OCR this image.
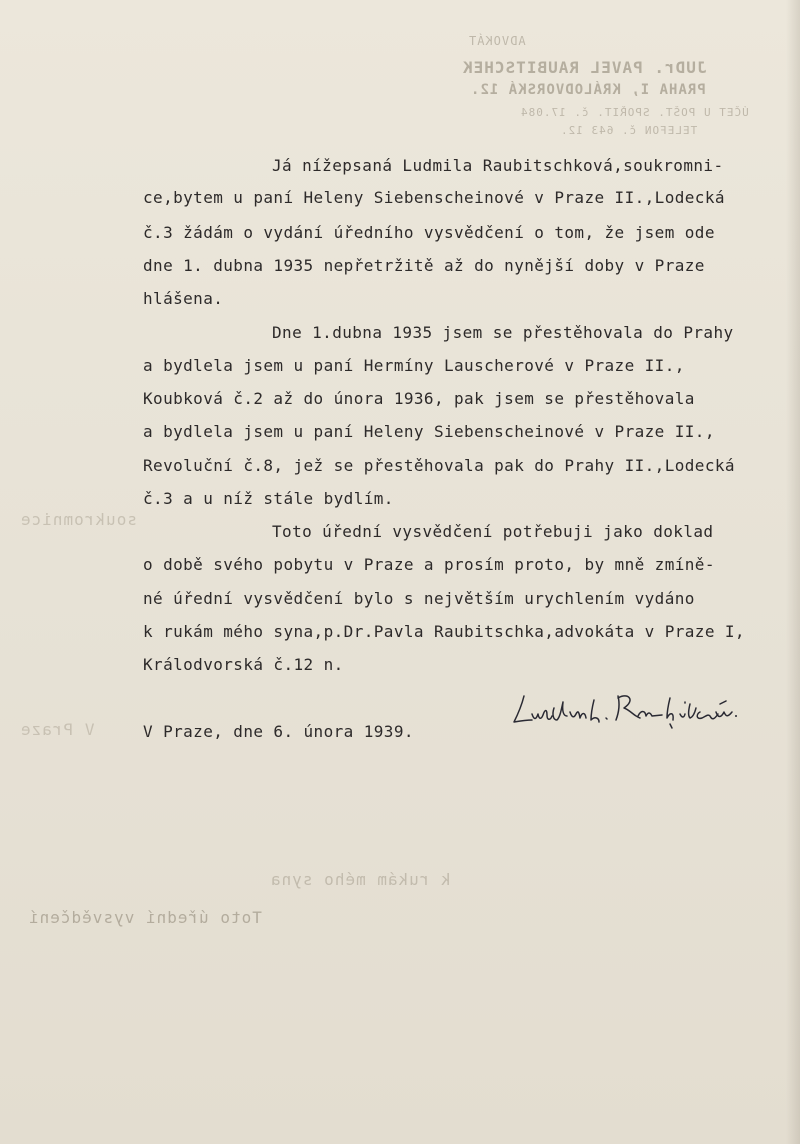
ADVOKÁT
JUDr. PAVEL RAUBITSCHEK
PRAHA I, KRÁLODVORSKÁ 12.
ÚČET U POŠT. SPOŘIT. č. 17.084
TELEFON č. 643 12.
soukromnice
V Praze
k rukám mého syna
Toto úřední vysvědčení
Já nížepsaná Ludmila Raubitschková,soukromni-
ce,bytem u paní Heleny Siebenscheinové v Praze II.,Lodecká
č.3 žádám o vydání úředního vysvědčení o tom, že jsem ode
dne 1. dubna 1935 nepřetržitě až do nynější doby v Praze
hlášena.
Dne 1.dubna 1935 jsem se přestěhovala do Prahy
a bydlela jsem u paní Hermíny Lauscherové v Praze II.,
Koubková č.2 až do února 1936, pak jsem se přestěhovala
a bydlela jsem u paní Heleny Siebenscheinové v Praze II.,
Revoluční č.8, jež se přestěhovala pak do Prahy II.,Lodecká
č.3 a u níž stále bydlím.
Toto úřední vysvědčení potřebuji jako doklad
o době svého pobytu v Praze a prosím proto, by mně zmíně-
né úřední vysvědčení bylo s největším urychlením vydáno
k rukám mého syna,p.Dr.Pavla Raubitschka,advokáta v Praze I,
Králodvorská č.12 n.
Ludmila Raubitschková
V Praze, dne 6. února 1939.
